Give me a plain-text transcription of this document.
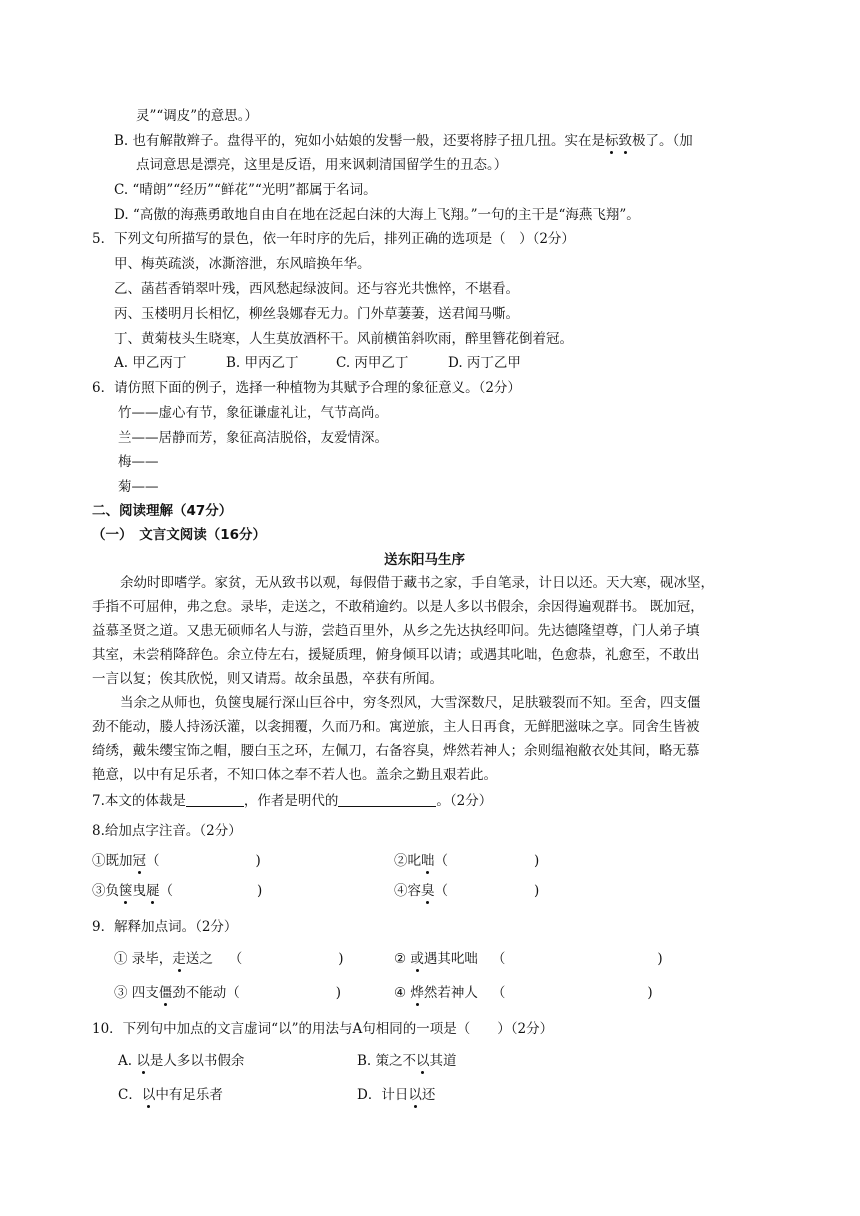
灵”“调皮”的意思。）
B. 也有解散辫子。盘得平的，宛如小姑娘的发髻一般，还要将脖子扭几扭。实在是标致极了。（加
点词意思是漂亮，这里是反语，用来讽刺清国留学生的丑态。）
C. “晴朗”“经历”“鲜花”“光明”都属于名词。
D. “高傲的海燕勇敢地自由自在地在泛起白沫的大海上飞翔。”一句的主干是“海燕飞翔”。
5．下列文句所描写的景色，依一年时序的先后，排列正确的选项是（　）（2分）
甲、梅英疏淡，冰澌溶泄，东风暗换年华。
乙、菡萏香销翠叶残，西风愁起绿波间。还与容光共憔悴，不堪看。
丙、玉楼明月长相忆，柳丝袅娜春无力。门外草萋萋，送君闻马嘶。
丁、黄菊枝头生晓寒，人生莫放酒杯干。风前横笛斜吹雨，醉里簪花倒着冠。
A. 甲乙丙丁	B. 甲丙乙丁	C. 丙甲乙丁	D. 丙丁乙甲
6．请仿照下面的例子，选择一种植物为其赋予合理的象征意义。（2分）
竹——虚心有节，象征谦虚礼让，气节高尚。
兰——居静而芳，象征高洁脱俗，友爱情深。
梅——
菊——
二、阅读理解（47分）
（一）　文言文阅读（16分）
送东阳马生序
余幼时即嗜学。家贫，无从致书以观，每假借于藏书之家，手自笔录，计日以还。天大寒，砚冰坚，
手指不可屈伸，弗之怠。录毕，走送之，不敢稍逾约。以是人多以书假余，余因得遍观群书。 既加冠，
益慕圣贤之道。又患无硕师名人与游，尝趋百里外，从乡之先达执经叩问。先达德隆望尊，门人弟子填
其室，未尝稍降辞色。余立侍左右，援疑质理，俯身倾耳以请；或遇其叱咄，色愈恭，礼愈至，不敢出
一言以复；俟其欣悦，则又请焉。故余虽愚，卒获有所闻。
当余之从师也，负箧曳屣行深山巨谷中，穷冬烈风，大雪深数尺，足肤皲裂而不知。至舍，四支僵
劲不能动，媵人持汤沃灌，以衾拥覆，久而乃和。寓逆旅，主人日再食，无鲜肥滋味之享。同舍生皆被
绮绣，戴朱缨宝饰之帽，腰白玉之环，左佩刀，右备容臭，烨然若神人；余则缊袍敝衣处其间，略无慕
艳意，以中有足乐者，不知口体之奉不若人也。盖余之勤且艰若此。
7.本文的体裁是	，作者是明代的	。（2分）
8.给加点字注音。（2分）
①既加冠（	)	②叱咄（	)
③负箧曳屣（	)	④容臭（	)
9．解释加点词。（2分）
① 录毕，走送之 （	)	② 或遇其叱咄 （	)
③ 四支僵劲不能动（	)	④ 烨然若神人 （	)
10．下列句中加点的文言虚词“以”的用法与A句相同的一项是（　　）（2分）
A. 以是人多以书假余	B. 策之不以其道
C．以中有足乐者	D．计日以还
